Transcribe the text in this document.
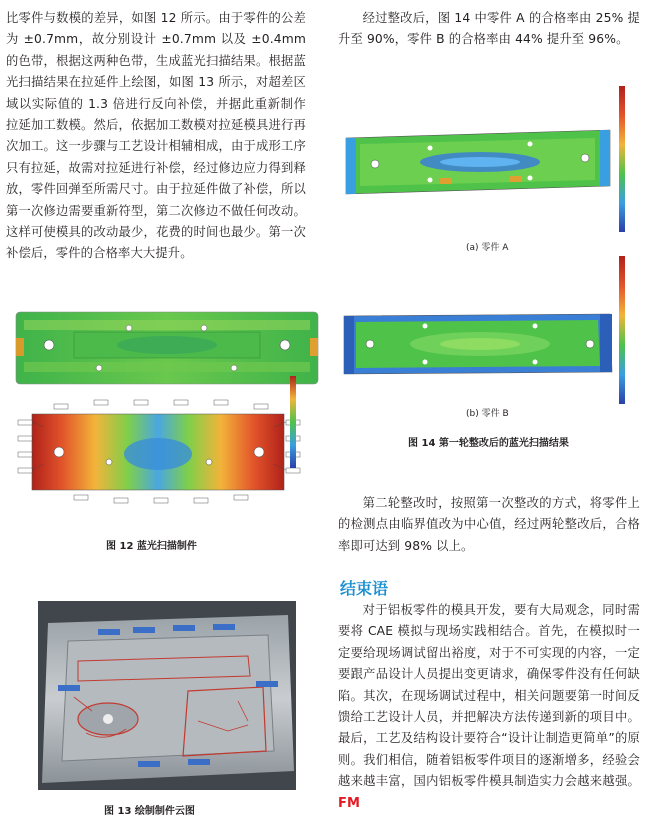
比零件与数模的差异，如图 12 所示。由于零件的公差为 ±0.7mm，故分别设计 ±0.7mm 以及 ±0.4mm 的色带，根据这两种色带，生成蓝光扫描结果。根据蓝光扫描结果在拉延件上绘图，如图 13 所示，对超差区域以实际值的 1.3 倍进行反向补偿，并据此重新制作拉延加工数模。然后，依据加工数模对拉延模具进行再次加工。这一步骤与工艺设计相辅相成，由于成形工序只有拉延，故需对拉延进行补偿，经过修边应力得到释放，零件回弹至所需尺寸。由于拉延件做了补偿，所以第一次修边需要重新符型，第二次修边不做任何改动。这样可使模具的改动最少，花费的时间也最少。第一次补偿后，零件的合格率大大提升。

图 12 蓝光扫描制件
图 13 绘制制件云图

经过整改后，图 14 中零件 A 的合格率由 25% 提升至 90%，零件 B 的合格率由 44% 提升至 96%。

(a) 零件 A
(b) 零件 B
图 14 第一轮整改后的蓝光扫描结果

第二轮整改时，按照第一次整改的方式，将零件上的检测点由临界值改为中心值，经过两轮整改后，合格率即可达到 98% 以上。

结束语

对于铝板零件的模具开发，要有大局观念，同时需要将 CAE 模拟与现场实践相结合。首先，在模拟时一定要给现场调试留出裕度，对于不可实现的内容，一定要跟产品设计人员提出变更请求，确保零件没有任何缺陷。其次，在现场调试过程中，相关问题要第一时间反馈给工艺设计人员，并把解决方法传递到新的项目中。最后，工艺及结构设计要符合“设计让制造更简单”的原则。我们相信，随着铝板零件项目的逐渐增多，经验会越来越丰富，国内铝板零件模具制造实力会越来越强。FM
